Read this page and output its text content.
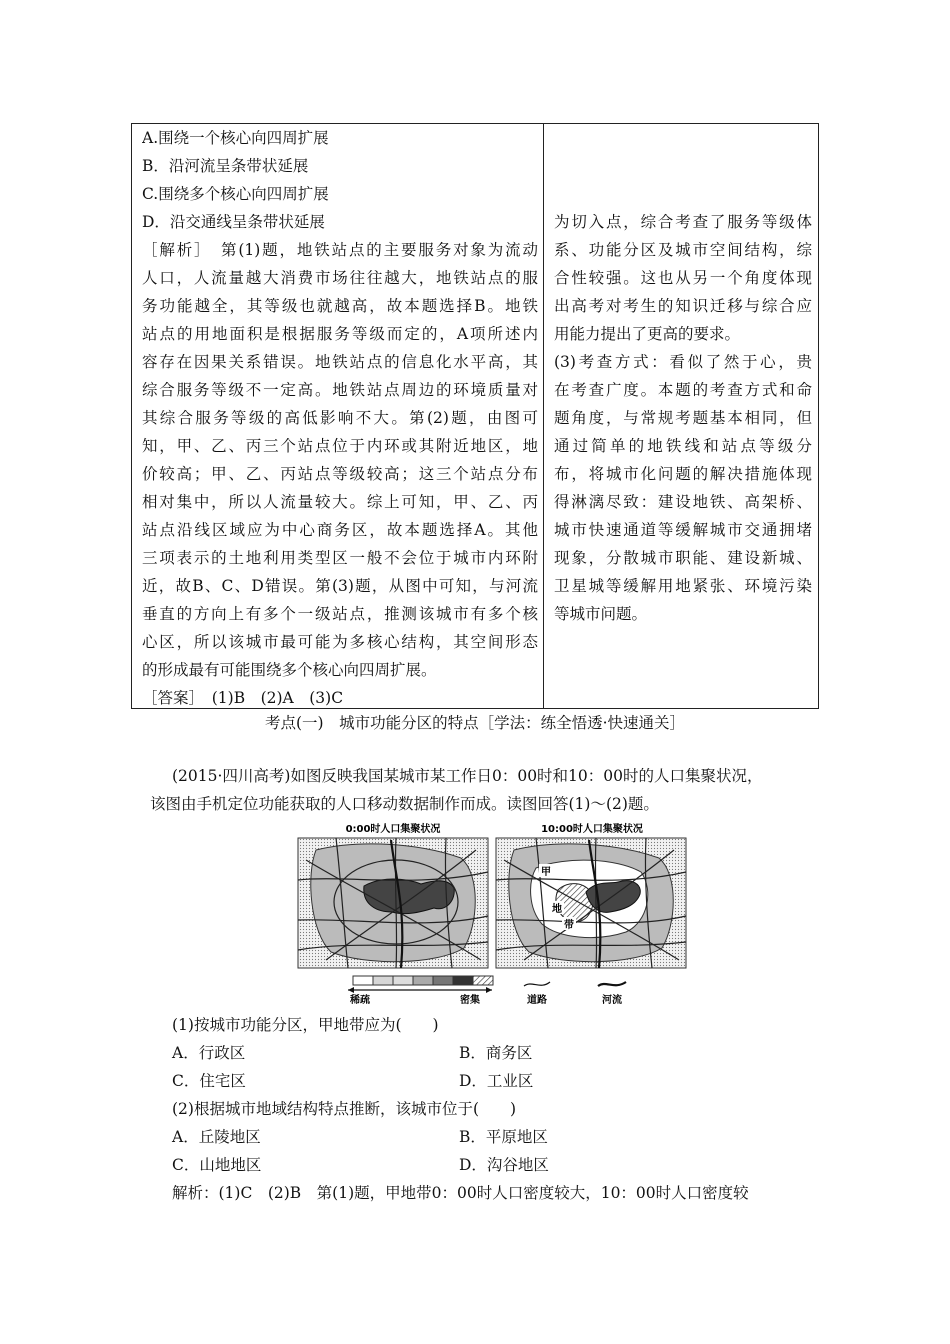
A.围绕一个核心向四周扩展
B．沿河流呈条带状延展
C.围绕多个核心向四周扩展
D．沿交通线呈条带状延展
［解析］　第(1)题，地铁站点的主要服务对象为流动
人口，人流量越大消费市场往往越大，地铁站点的服
务功能越全，其等级也就越高，故本题选择B。地铁
站点的用地面积是根据服务等级而定的，A项所述内
容存在因果关系错误。地铁站点的信息化水平高，其
综合服务等级不一定高。地铁站点周边的环境质量对
其综合服务等级的高低影响不大。第(2)题，由图可
知，甲、乙、丙三个站点位于内环或其附近地区，地
价较高；甲、乙、丙站点等级较高；这三个站点分布
相对集中，所以人流量较大。综上可知，甲、乙、丙
站点沿线区域应为中心商务区，故本题选择A。其他
三项表示的土地利用类型区一般不会位于城市内环附
近，故B、C、D错误。第(3)题，从图中可知，与河流
垂直的方向上有多个一级站点，推测该城市有多个核
心区，所以该城市最可能为多核心结构，其空间形态
的形成最有可能围绕多个核心向四周扩展。
［答案］　(1)B　(2)A　(3)C
为切入点，综合考查了服务等级体
系、功能分区及城市空间结构，综
合性较强。这也从另一个角度体现
出高考对考生的知识迁移与综合应
用能力提出了更高的要求。
(3)考查方式：看似了然于心，贵
在考查广度。本题的考查方式和命
题角度，与常规考题基本相同，但
通过简单的地铁线和站点等级分
布，将城市化问题的解决措施体现
得淋漓尽致：建设地铁、高架桥、
城市快速通道等缓解城市交通拥堵
现象，分散城市职能、建设新城、
卫星城等缓解用地紧张、环境污染
等城市问题。
考点(一)　城市功能分区的特点［学法：练全悟透·快速通关］
(2015·四川高考)如图反映我国某城市某工作日0：00时和10：00时的人口集聚状况，
该图由手机定位功能获取的人口移动数据制作而成。读图回答(1)～(2)题。
0:00时人口集聚状况	10:00时人口集聚状况
甲
地
带
稀疏	密集	道路	河流
(1)按城市功能分区，甲地带应为(　　)
A．行政区	B．商务区
C．住宅区	D．工业区
(2)根据城市地域结构特点推断，该城市位于(　　)
A．丘陵地区	B．平原地区
C．山地地区	D．沟谷地区
解析：(1)C　(2)B　第(1)题，甲地带0：00时人口密度较大，10：00时人口密度较
